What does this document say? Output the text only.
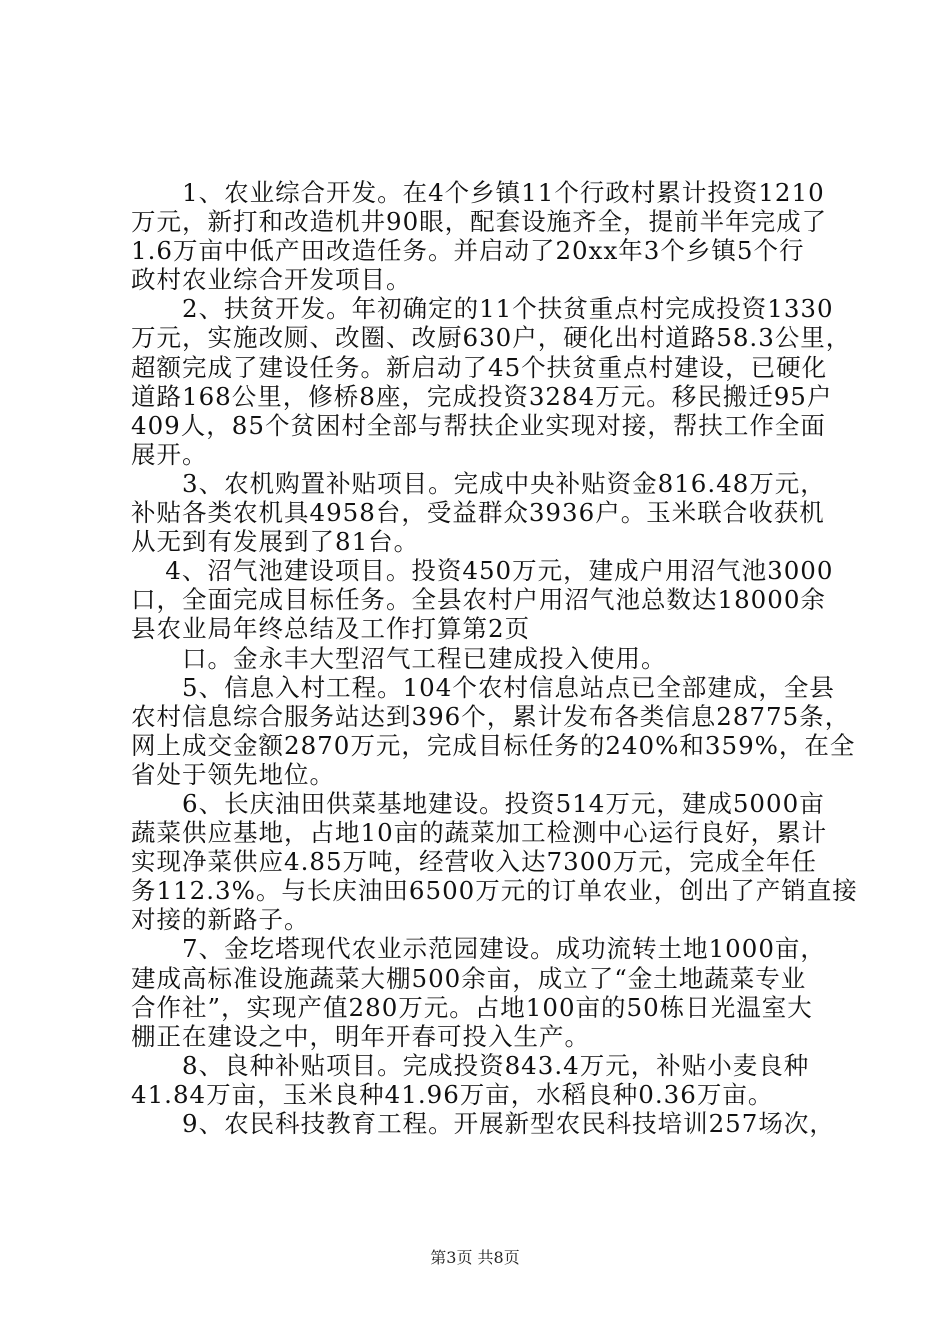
　　1、农业综合开发。在4个乡镇11个行政村累计投资1210
万元，新打和改造机井90眼，配套设施齐全，提前半年完成了
1.6万亩中低产田改造任务。并启动了20xx年3个乡镇5个行
政村农业综合开发项目。
　　2、扶贫开发。年初确定的11个扶贫重点村完成投资1330
万元，实施改厕、改圈、改厨630户，硬化出村道路58.3公里，
超额完成了建设任务。新启动了45个扶贫重点村建设，已硬化
道路168公里，修桥8座，完成投资3284万元。移民搬迁95户
409人，85个贫困村全部与帮扶企业实现对接，帮扶工作全面
展开。
　　3、农机购置补贴项目。完成中央补贴资金816.48万元，
补贴各类农机具4958台，受益群众3936户。玉米联合收获机
从无到有发展到了81台。
　 4、沼气池建设项目。投资450万元，建成户用沼气池3000
口，全面完成目标任务。全县农村户用沼气池总数达18000余
县农业局年终总结及工作打算第2页
　　口。金永丰大型沼气工程已建成投入使用。
　　5、信息入村工程。104个农村信息站点已全部建成，全县
农村信息综合服务站达到396个，累计发布各类信息28775条，
网上成交金额2870万元，完成目标任务的240%和359%，在全
省处于领先地位。
　　6、长庆油田供菜基地建设。投资514万元，建成5000亩
蔬菜供应基地，占地10亩的蔬菜加工检测中心运行良好，累计
实现净菜供应4.85万吨，经营收入达7300万元，完成全年任
务112.3%。与长庆油田6500万元的订单农业，创出了产销直接
对接的新路子。
　　7、金圪塔现代农业示范园建设。成功流转土地1000亩，
建成高标准设施蔬菜大棚500余亩，成立了“金土地蔬菜专业
合作社”，实现产值280万元。占地100亩的50栋日光温室大
棚正在建设之中，明年开春可投入生产。
　　8、良种补贴项目。完成投资843.4万元，补贴小麦良种
41.84万亩，玉米良种41.96万亩，水稻良种0.36万亩。
　　9、农民科技教育工程。开展新型农民科技培训257场次，
第3页 共8页
